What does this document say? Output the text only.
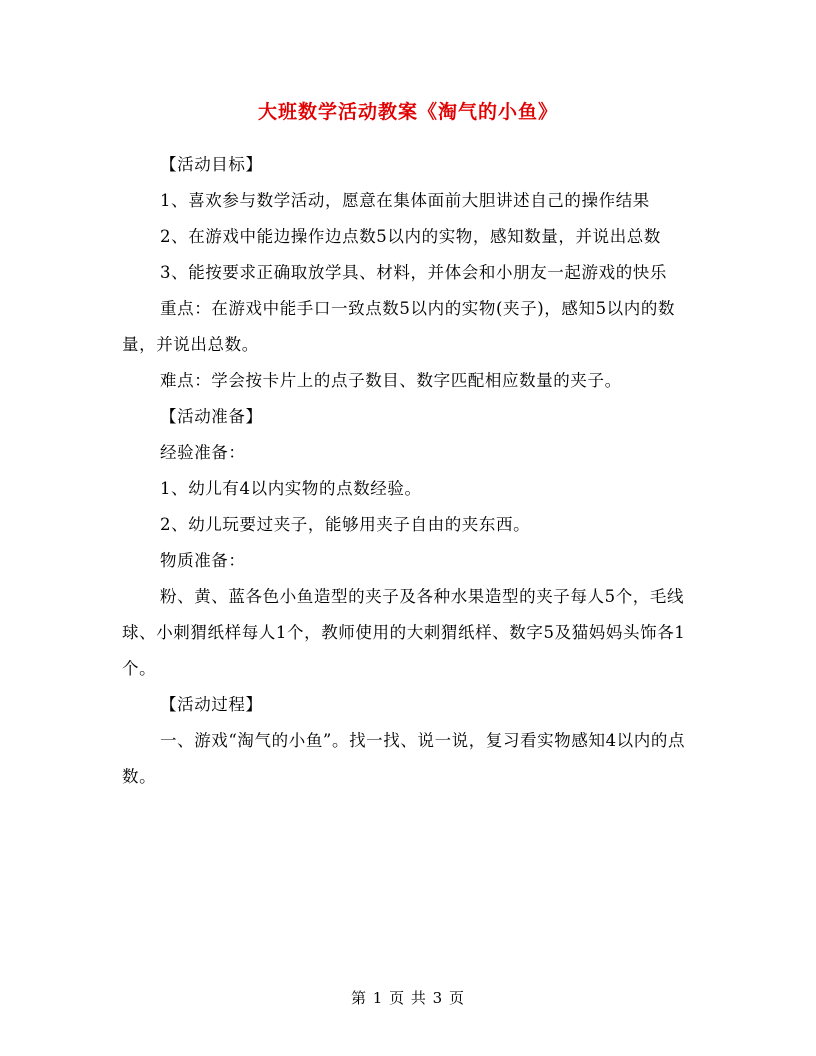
大班数学活动教案《淘气的小鱼》

【活动目标】

1、喜欢参与数学活动，愿意在集体面前大胆讲述自己的操作结果

2、在游戏中能边操作边点数5以内的实物，感知数量，并说出总数

3、能按要求正确取放学具、材料，并体会和小朋友一起游戏的快乐

重点：在游戏中能手口一致点数5以内的实物(夹子)，感知5以内的数量，并说出总数。

难点：学会按卡片上的点子数目、数字匹配相应数量的夹子。

【活动准备】

经验准备：

1、幼儿有4以内实物的点数经验。

2、幼儿玩要过夹子，能够用夹子自由的夹东西。

物质准备：

粉、黄、蓝各色小鱼造型的夹子及各种水果造型的夹子每人5个，毛线球、小刺猬纸样每人1个，教师使用的大刺猬纸样、数字5及猫妈妈头饰各1个。

【活动过程】

一、游戏“淘气的小鱼”。找一找、说一说，复习看实物感知4以内的点数。

第 1 页 共 3 页
